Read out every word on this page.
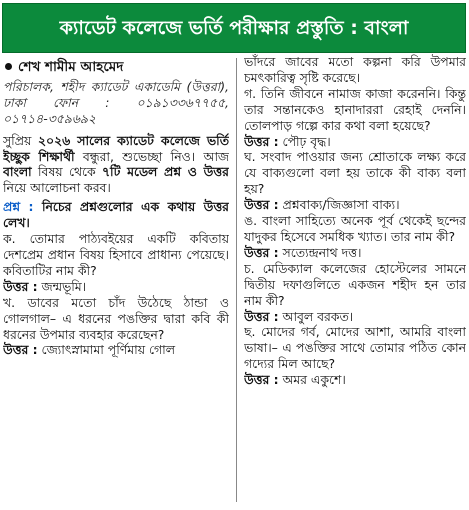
ক্যাডেট কলেজে ভর্তি পরীক্ষার প্রস্তুতি : বাংলা

শেখ শামীম আহমেদ

পরিচালক, শহীদ ক্যাডেট একাডেমি (উত্তরা), ঢাকা ফোন : ০১৯১৩৩৬৭৭৫৫, ০১৭১৪-৩৫৯৬৯২

সুপ্রিয় ২০২৬ সালের ক্যাডেট কলেজে ভর্তি ইচ্ছুক শিক্ষার্থী বন্ধুরা, শুভেচ্ছা নিও। আজ বাংলা বিষয় থেকে ৭টি মডেল প্রশ্ন ও উত্তর নিয়ে আলোচনা করব।

প্রশ্ন : নিচের প্রশ্নগুলোর এক কথায় উত্তর লেখ।

ক. তোমার পাঠ্যবইয়ের একটি কবিতায় দেশপ্রেম প্রধান বিষয় হিসাবে প্রাধান্য পেয়েছে। কবিতাটির নাম কী?

উত্তর : জন্মভূমি।

খ. ডাবের মতো চাঁদ উঠেছে ঠান্ডা ও গোলগাল– এ ধরনের পঙক্তির দ্বারা কবি কী ধরনের উপমার ব্যবহার করেছেন?

উত্তর : জ্যোৎস্নামামা পূর্ণিমায় গোল

ভাঁদরে জাবের মতো কল্পনা করি উপমার চমৎকারিত্ব সৃষ্টি করেছে।

গ. তিনি জীবনে নামাজ কাজা করেননি। কিন্তু তার সন্তানকেও হানাদাররা রেহাই দেননি। তোলপাড় গল্পে কার কথা বলা হয়েছে?

উত্তর : পৌঢ় বৃদ্ধ।

ঘ. সংবাদ পাওয়ার জন্য শ্রোতাকে লক্ষ্য করে যে বাক্যগুলো বলা হয় তাকে কী বাক্য বলা হয়?

উত্তর : প্রশ্নবাক্য/জিজ্ঞাসা বাক্য।

ঙ. বাংলা সাহিত্যে অনেক পূর্ব থেকেই ছন্দের যাদুকর হিসেবে সমধিক খ্যাত। তার নাম কী?

উত্তর : সত্যেন্দ্রনাথ দত্ত।

চ. মেডিক্যাল কলেজের হোস্টেলের সামনে দ্বিতীয় দফাগুলিতে একজন শহীদ হন তার নাম কী?

উত্তর : আবুল বরকত।

ছ. মোদের গর্ব, মোদের আশা, আমরি বাংলা ভাষা।– এ পঙক্তির সাথে তোমার পঠিত কোন গদ্যের মিল আছে?

উত্তর : অমর একুশে।
